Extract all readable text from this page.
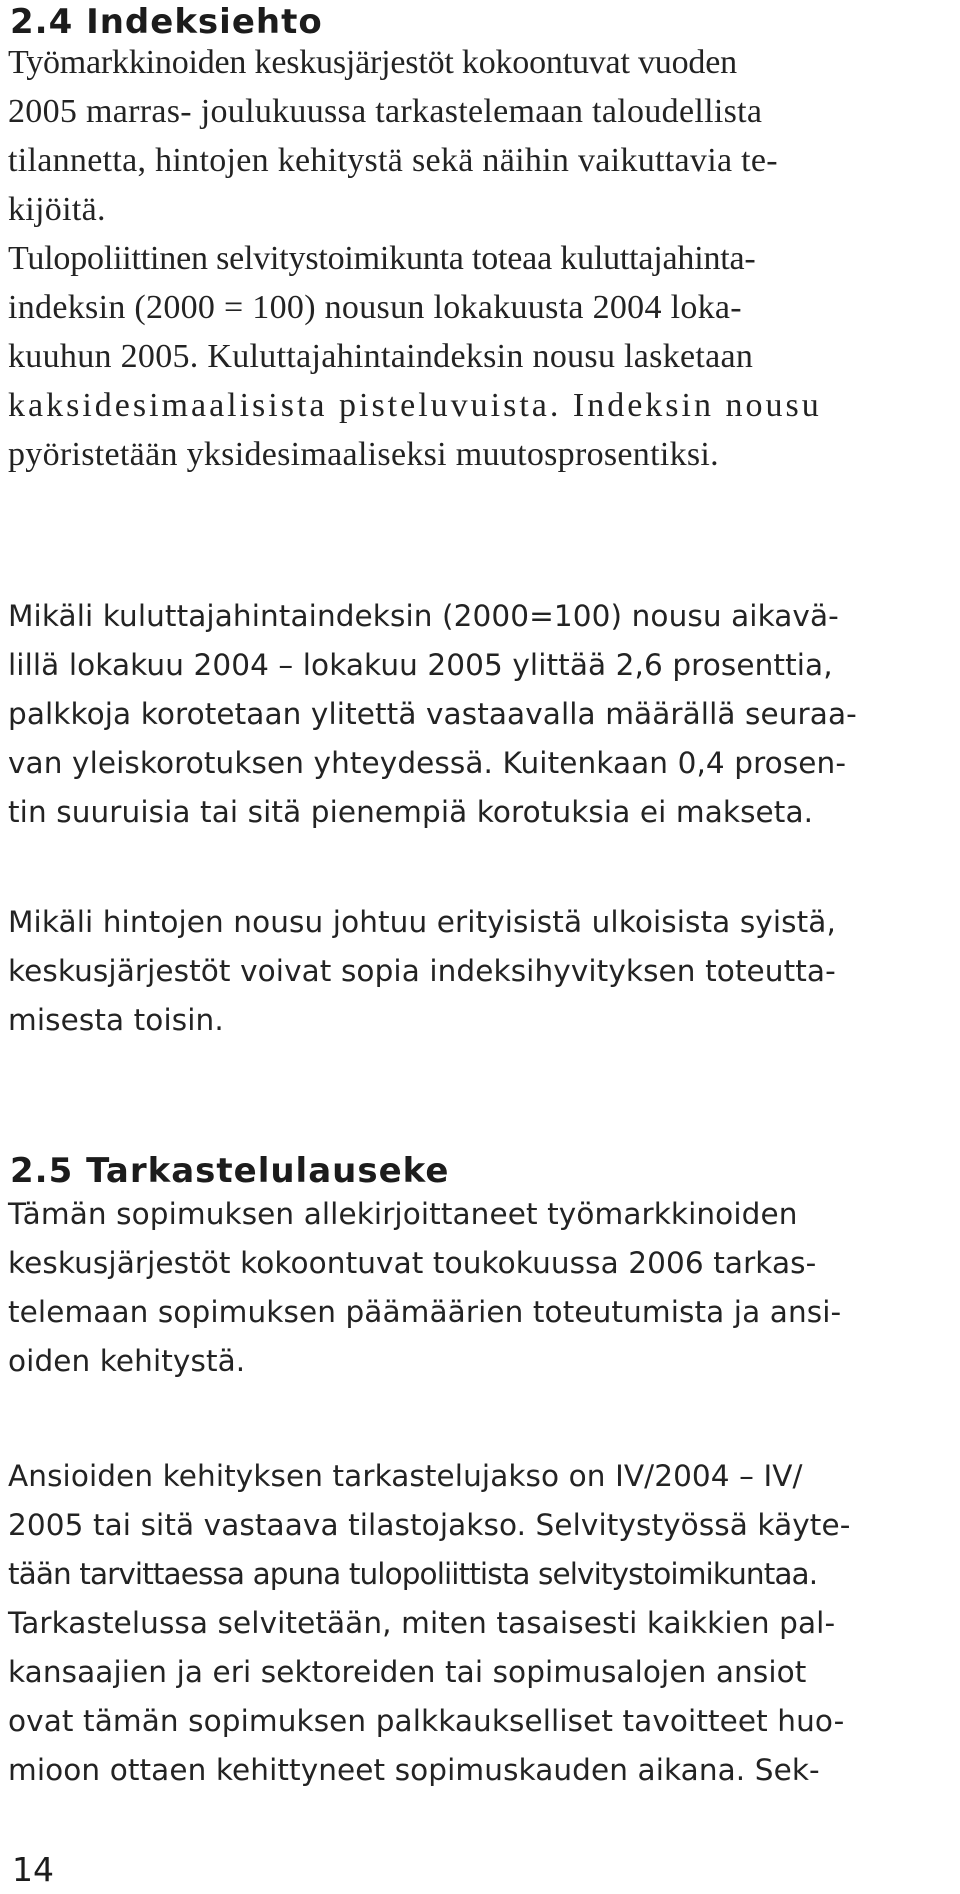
2.4 Indeksiehto
Työmarkkinoiden keskusjärjestöt kokoontuvat vuoden
2005 marras- joulukuussa tarkastelemaan taloudellista
tilannetta, hintojen kehitystä sekä näihin vaikuttavia te-
kijöitä.
Tulopoliittinen selvitystoimikunta toteaa kuluttajahinta-
indeksin (2000 = 100) nousun lokakuusta 2004 loka-
kuuhun 2005. Kuluttajahintaindeksin nousu lasketaan
kaksidesimaalisista pisteluvuista. Indeksin nousu
pyöristetään yksidesimaaliseksi muutosprosentiksi.
Mikäli kuluttajahintaindeksin (2000=100) nousu aikavä-
lillä lokakuu 2004 – lokakuu 2005 ylittää 2,6 prosenttia,
palkkoja korotetaan ylitettä vastaavalla määrällä seuraa-
van yleiskorotuksen yhteydessä. Kuitenkaan 0,4 prosen-
tin suuruisia tai sitä pienempiä korotuksia ei makseta.
Mikäli hintojen nousu johtuu erityisistä ulkoisista syistä,
keskusjärjestöt voivat sopia indeksihyvityksen toteutta-
misesta toisin.
2.5 Tarkastelulauseke
Tämän sopimuksen allekirjoittaneet työmarkkinoiden
keskusjärjestöt kokoontuvat toukokuussa 2006 tarkas-
telemaan sopimuksen päämäärien toteutumista ja ansi-
oiden kehitystä.
Ansioiden kehityksen tarkastelujakso on IV/2004 – IV/
2005 tai sitä vastaava tilastojakso. Selvitystyössä käyte-
tään tarvittaessa apuna tulopoliittista selvitystoimikuntaa.
Tarkastelussa selvitetään, miten tasaisesti kaikkien pal-
kansaajien ja eri sektoreiden tai sopimusalojen ansiot
ovat tämän sopimuksen palkkaukselliset tavoitteet huo-
mioon ottaen kehittyneet sopimuskauden aikana. Sek-
14
